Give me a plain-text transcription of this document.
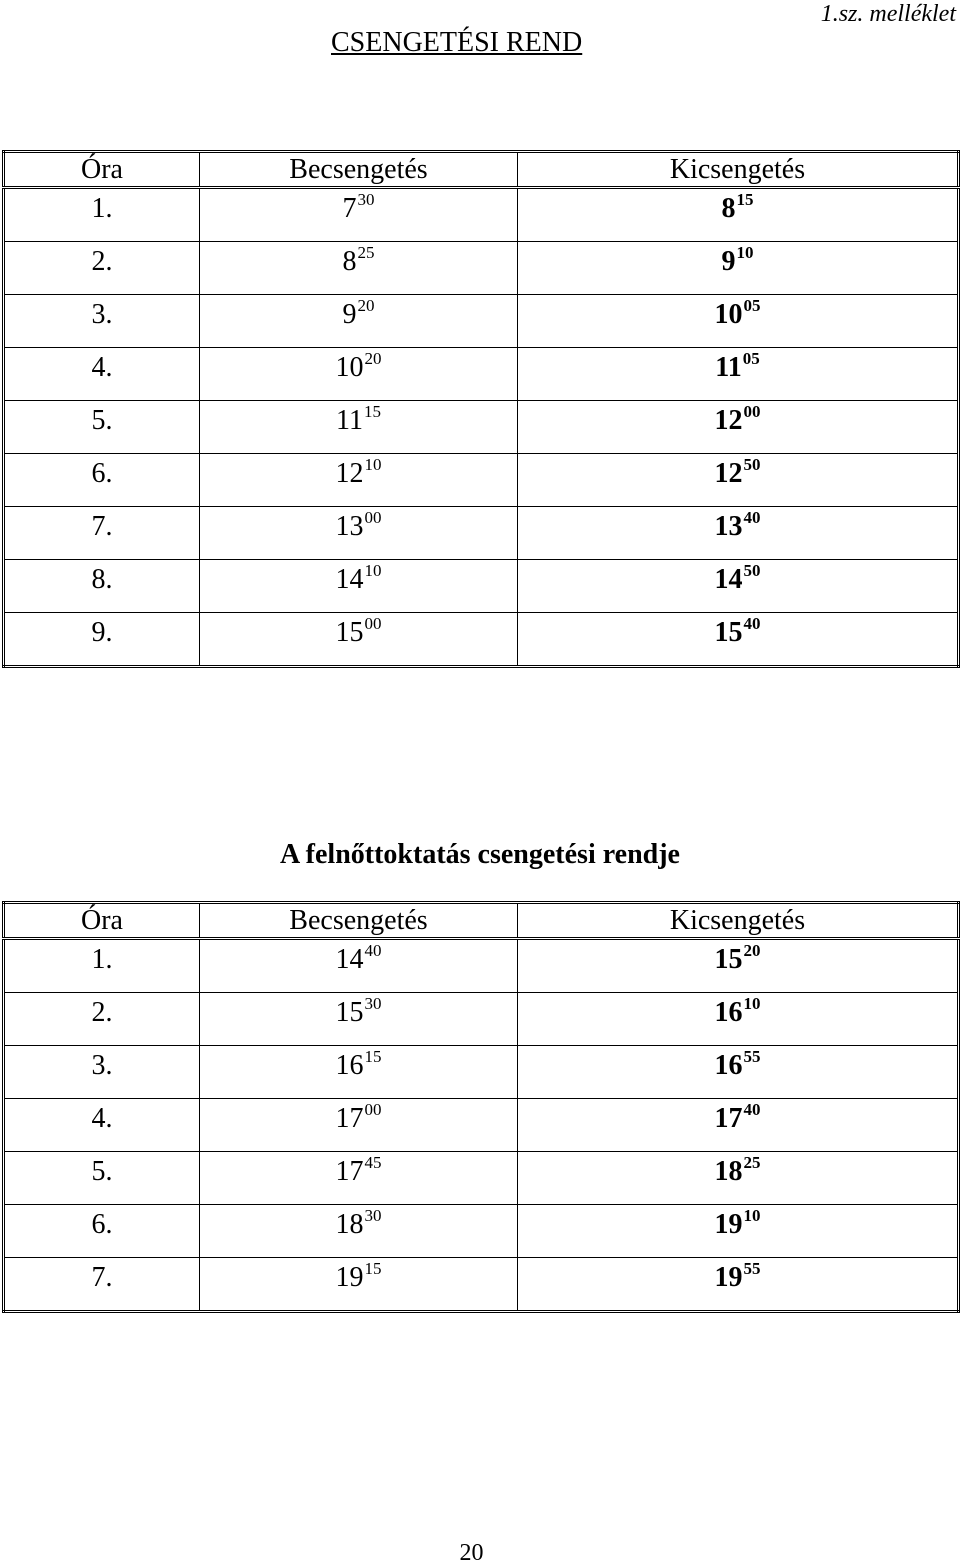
1.sz. melléklet
CSENGETÉSI REND
Óra	Becsengetés	Kicsengetés
1.	$7^{30}$	$8^{15}$
2.	$8^{25}$	$9^{10}$
3.	$9^{20}$	$10^{05}$
4.	$10^{20}$	$11^{05}$
5.	$11^{15}$	$12^{00}$
6.	$12^{10}$	$12^{50}$
7.	$13^{00}$	$13^{40}$
8.	$14^{10}$	$14^{50}$
9.	$15^{00}$	$15^{40}$
A felnőttoktatás csengetési rendje
Óra	Becsengetés	Kicsengetés
1.	$14^{40}$	$15^{20}$
2.	$15^{30}$	$16^{10}$
3.	$16^{15}$	$16^{55}$
4.	$17^{00}$	$17^{40}$
5.	$17^{45}$	$18^{25}$
6.	$18^{30}$	$19^{10}$
7.	$19^{15}$	$19^{55}$
20
